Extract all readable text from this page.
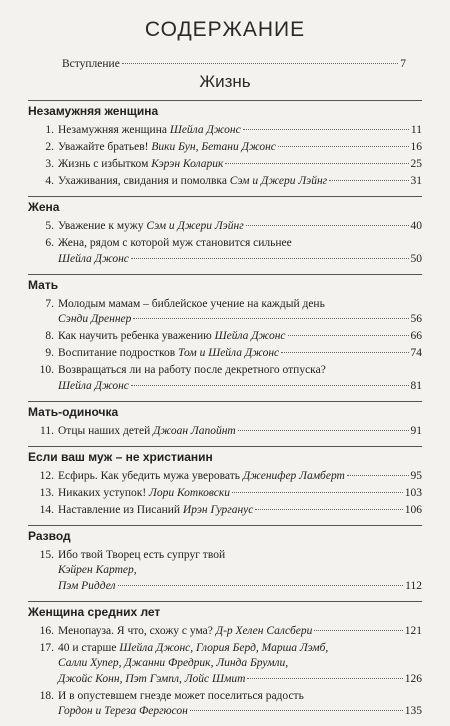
СОДЕРЖАНИЕ
Вступление	7
Жизнь
Незамужняя женщина
1. Незамужняя женщина Шейла Джонс	11
2. Уважайте братьев! Вики Бун, Бетани Джонс	16
3. Жизнь с избытком Кэрэн Коларик	25
4. Ухаживания, свидания и помолвка Сэм и Джери Лэйнг	31
Жена
5. Уважение к мужу Сэм и Джери Лэйнг	40
6. Жена, рядом с которой муж становится сильнее
Шейла Джонс	50
Мать
7. Молодым мамам – библейское учение на каждый день
Сэнди Дреннер	56
8. Как научить ребенка уважению Шейла Джонс	66
9. Воспитание подростков Том и Шейла Джонс	74
10. Возвращаться ли на работу после декретного отпуска?
Шейла Джонс	81
Мать-одиночка
11. Отцы наших детей Джоан Лапойнт	91
Если ваш муж – не христианин
12. Есфирь. Как убедить мужа уверовать Дженифер Ламберт	95
13. Никаких уступок! Лори Котковски	103
14. Наставление из Писаний Ирэн Гурганус	106
Развод
15. Ибо твой Творец есть супруг твой
Кэйрен Картер,
Пэм Риддел	112
Женщина средних лет
16. Менопауза. Я что, схожу с ума? Д-р Хелен Салсбери	121
17. 40 и старше Шейла Джонс, Глория Берд, Марша Лэмб,
Салли Хупер, Джанни Фредрик, Линда Брумли,
Джойс Конн, Пэт Гэмпл, Лойс Шмит	126
18. И в опустевшем гнезде может поселиться радость
Гордон и Тереза Фергюсон	135
